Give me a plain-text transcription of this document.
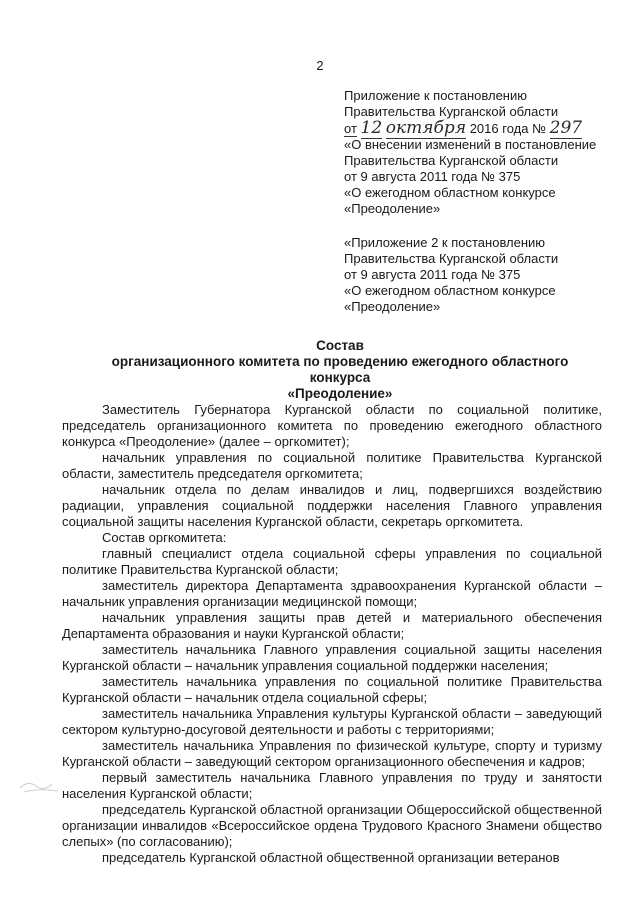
2
Приложение к постановлению
Правительства Курганской области
от 12 октября 2016 года № 297
«О внесении изменений в постановление
Правительства Курганской области
от 9 августа 2011 года № 375
«О ежегодном областном конкурсе
«Преодоление»
«Приложение 2 к постановлению
Правительства Курганской области
от 9 августа 2011 года № 375
«О ежегодном областном конкурсе
«Преодоление»
Состав
организационного комитета по проведению ежегодного областного конкурса
«Преодоление»

Заместитель Губернатора Курганской области по социальной политике, председатель организационного комитета по проведению ежегодного областного конкурса «Преодоление» (далее – оргкомитет);

начальник управления по социальной политике Правительства Курганской области, заместитель председателя оргкомитета;

начальник отдела по делам инвалидов и лиц, подвергшихся воздействию радиации, управления социальной поддержки населения Главного управления социальной защиты населения Курганской области, секретарь оргкомитета.

Состав оргкомитета:

главный специалист отдела социальной сферы управления по социальной политике Правительства Курганской области;

заместитель директора Департамента здравоохранения Курганской области – начальник управления организации медицинской помощи;

начальник управления защиты прав детей и материального обеспечения Департамента образования и науки Курганской области;

заместитель начальника Главного управления социальной защиты населения Курганской области – начальник управления социальной поддержки населения;

заместитель начальника управления по социальной политике Правительства Курганской области – начальник отдела социальной сферы;

заместитель начальника Управления культуры Курганской области – заведующий сектором культурно-досуговой деятельности и работы с территориями;

заместитель начальника Управления по физической культуре, спорту и туризму Курганской области – заведующий сектором организационного обеспечения и кадров;

первый заместитель начальника Главного управления по труду и занятости населения Курганской области;

председатель Курганской областной организации Общероссийской общественной организации инвалидов «Всероссийское ордена Трудового Красного Знамени общество слепых» (по согласованию);

председатель Курганской областной общественной организации ветеранов
